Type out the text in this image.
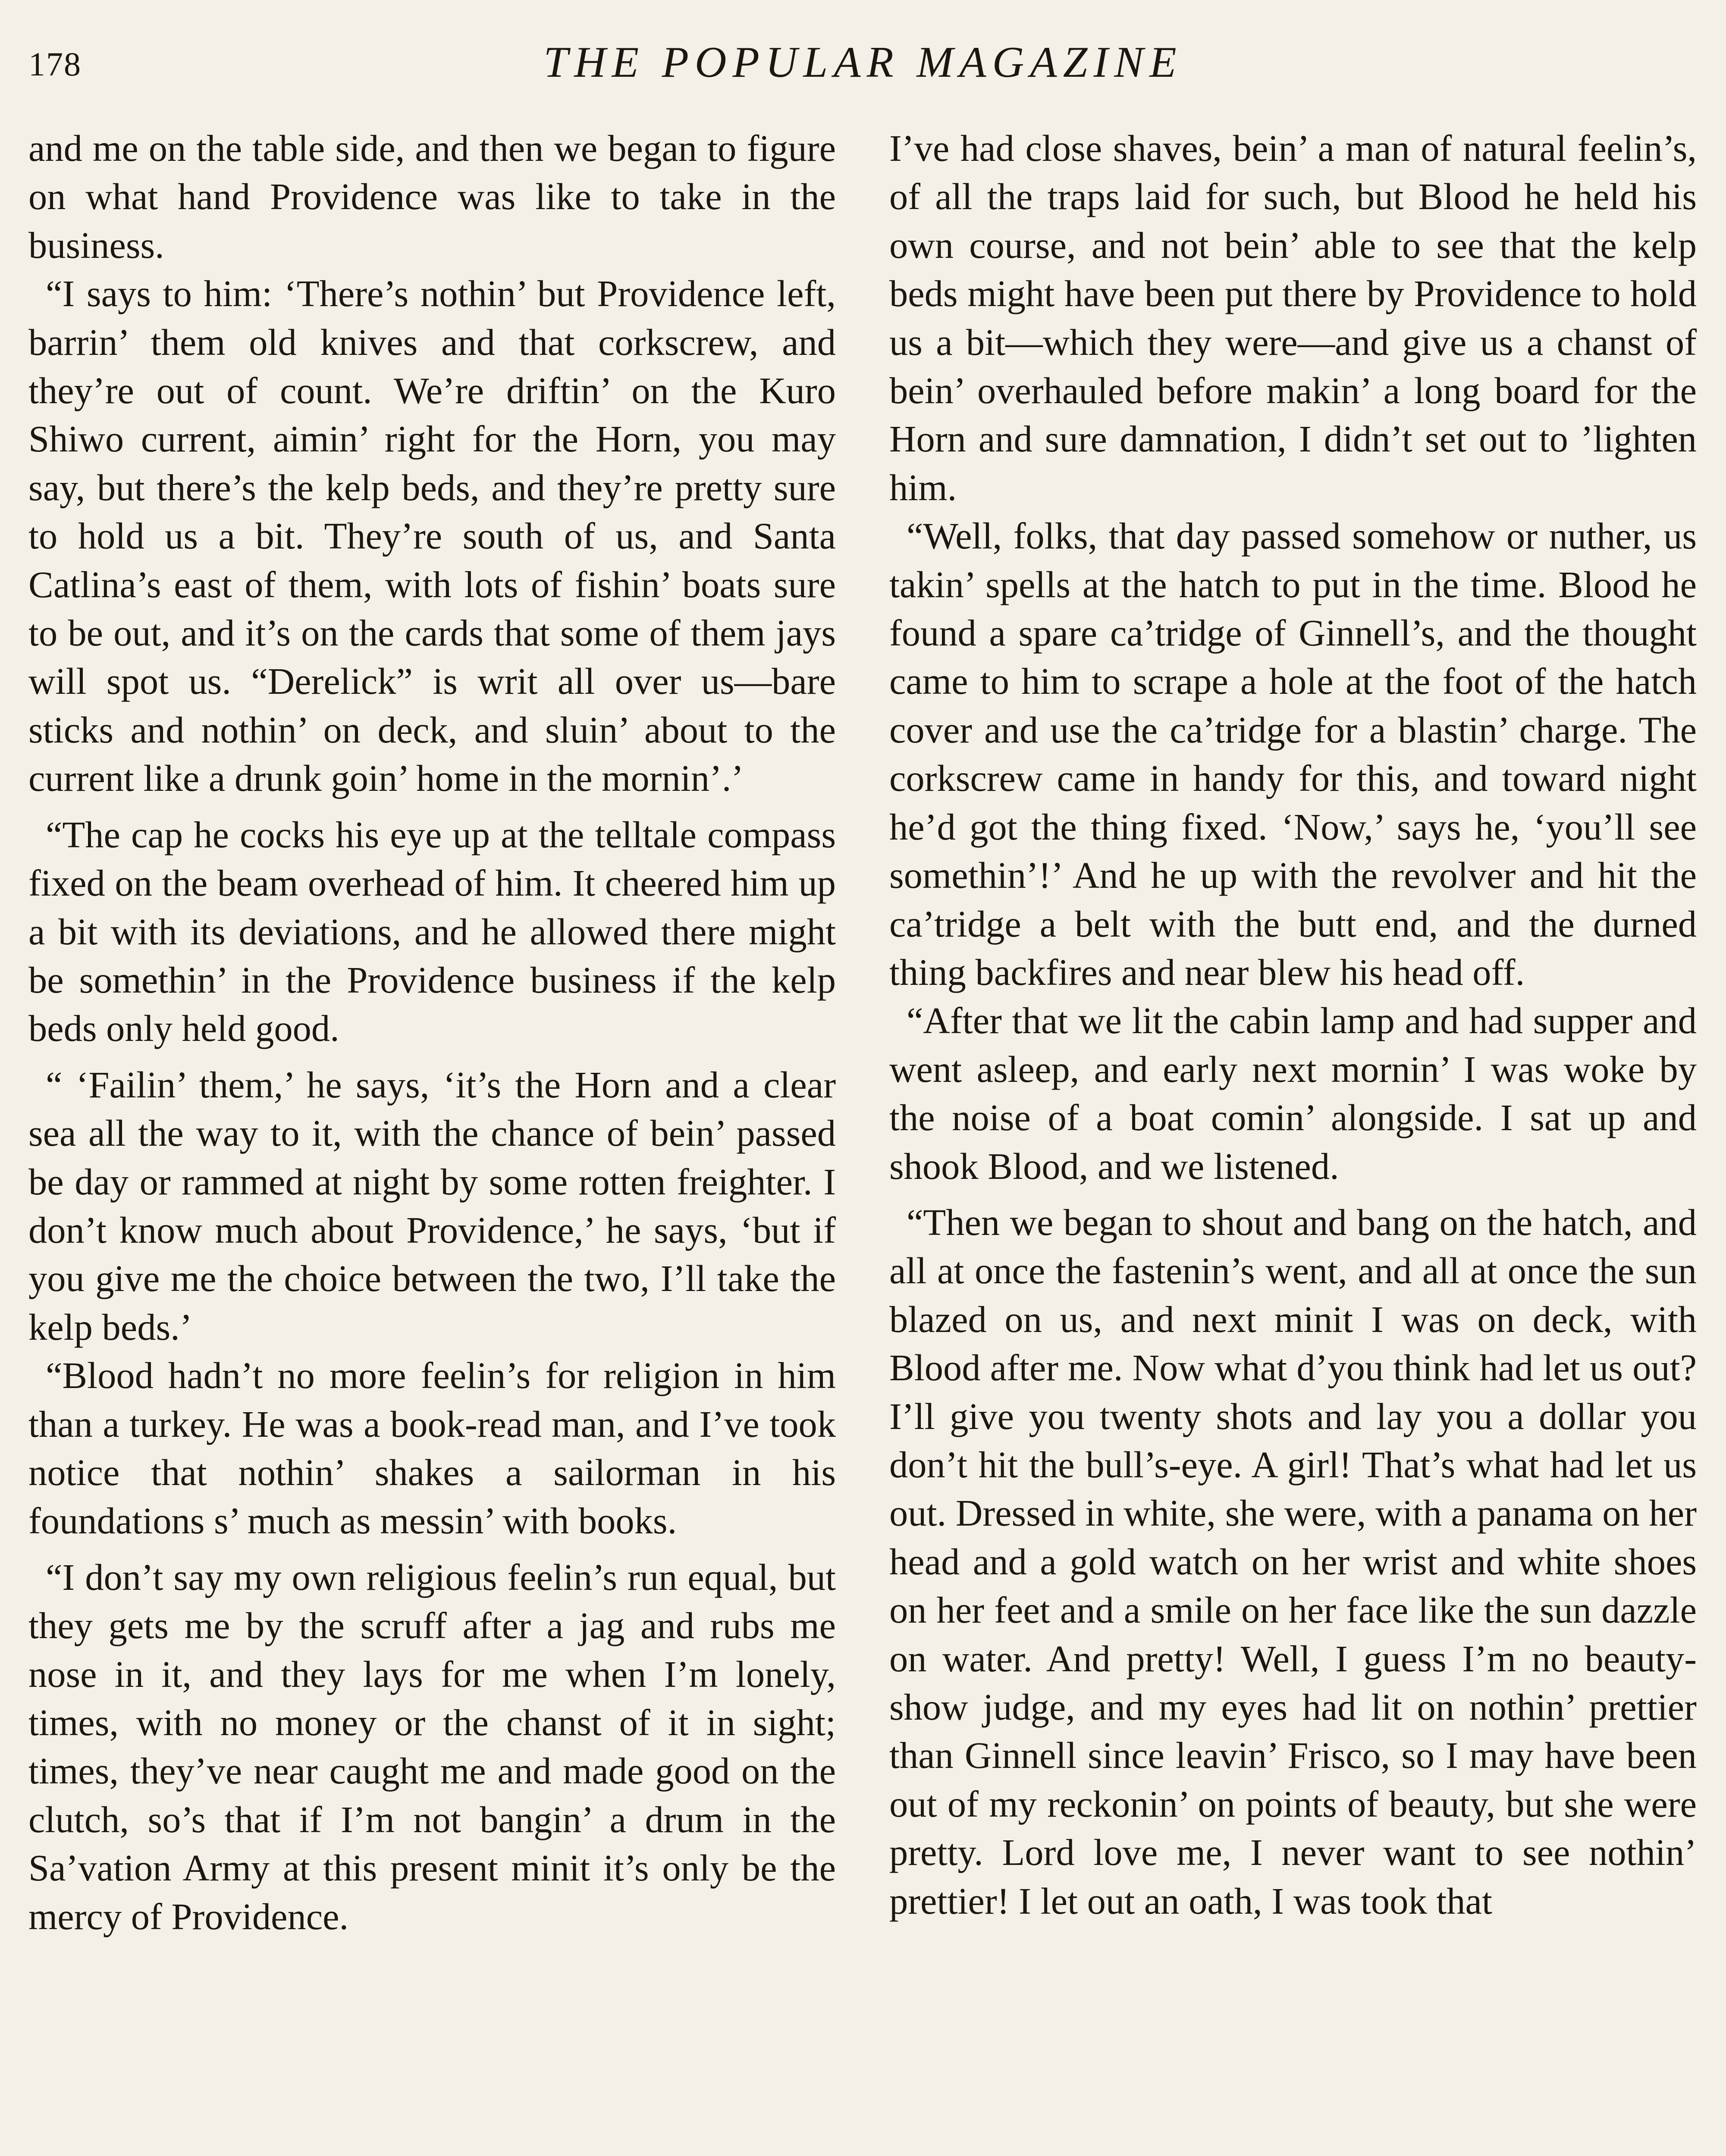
178	THE POPULAR MAGAZINE

and me on the table side, and then we began to figure on what hand Providence was like to take in the business.

“I says to him: ‘There’s nothin’ but Providence left, barrin’ them old knives and that corkscrew, and they’re out of count. We’re driftin’ on the Kuro Shiwo current, aimin’ right for the Horn, you may say, but there’s the kelp beds, and they’re pretty sure to hold us a bit. They’re south of us, and Santa Catlina’s east of them, with lots of fishin’ boats sure to be out, and it’s on the cards that some of them jays will spot us. “Derelick” is writ all over us—bare sticks and nothin’ on deck, and sluin’ about to the current like a drunk goin’ home in the mornin’.’

“The cap he cocks his eye up at the telltale compass fixed on the beam overhead of him. It cheered him up a bit with its deviations, and he allowed there might be somethin’ in the Providence business if the kelp beds only held good.

“ ‘Failin’ them,’ he says, ‘it’s the Horn and a clear sea all the way to it, with the chance of bein’ passed be day or rammed at night by some rotten freighter. I don’t know much about Providence,’ he says, ‘but if you give me the choice between the two, I’ll take the kelp beds.’

“Blood hadn’t no more feelin’s for religion in him than a turkey. He was a book-read man, and I’ve took notice that nothin’ shakes a sailorman in his foundations s’ much as messin’ with books.

“I don’t say my own religious feelin’s run equal, but they gets me by the scruff after a jag and rubs me nose in it, and they lays for me when I’m lonely, times, with no money or the chanst of it in sight; times, they’ve near caught me and made good on the clutch, so’s that if I’m not bangin’ a drum in the Sa’vation Army at this present minit it’s only be the mercy of Providence.

I’ve had close shaves, bein’ a man of natural feelin’s, of all the traps laid for such, but Blood he held his own course, and not bein’ able to see that the kelp beds might have been put there by Providence to hold us a bit—which they were—and give us a chanst of bein’ overhauled before makin’ a long board for the Horn and sure damnation, I didn’t set out to ’lighten him.

“Well, folks, that day passed somehow or nuther, us takin’ spells at the hatch to put in the time. Blood he found a spare ca’tridge of Ginnell’s, and the thought came to him to scrape a hole at the foot of the hatch cover and use the ca’tridge for a blastin’ charge. The corkscrew came in handy for this, and toward night he’d got the thing fixed. ‘Now,’ says he, ‘you’ll see somethin’!’ And he up with the revolver and hit the ca’tridge a belt with the butt end, and the durned thing backfires and near blew his head off.

“After that we lit the cabin lamp and had supper and went asleep, and early next mornin’ I was woke by the noise of a boat comin’ alongside. I sat up and shook Blood, and we listened.

“Then we began to shout and bang on the hatch, and all at once the fastenin’s went, and all at once the sun blazed on us, and next minit I was on deck, with Blood after me. Now what d’you think had let us out? I’ll give you twenty shots and lay you a dollar you don’t hit the bull’s-eye. A girl! That’s what had let us out. Dressed in white, she were, with a panama on her head and a gold watch on her wrist and white shoes on her feet and a smile on her face like the sun dazzle on water. And pretty! Well, I guess I’m no beauty-show judge, and my eyes had lit on nothin’ prettier than Ginnell since leavin’ Frisco, so I may have been out of my reckonin’ on points of beauty, but she were pretty. Lord love me, I never want to see nothin’ prettier! I let out an oath, I was took that
